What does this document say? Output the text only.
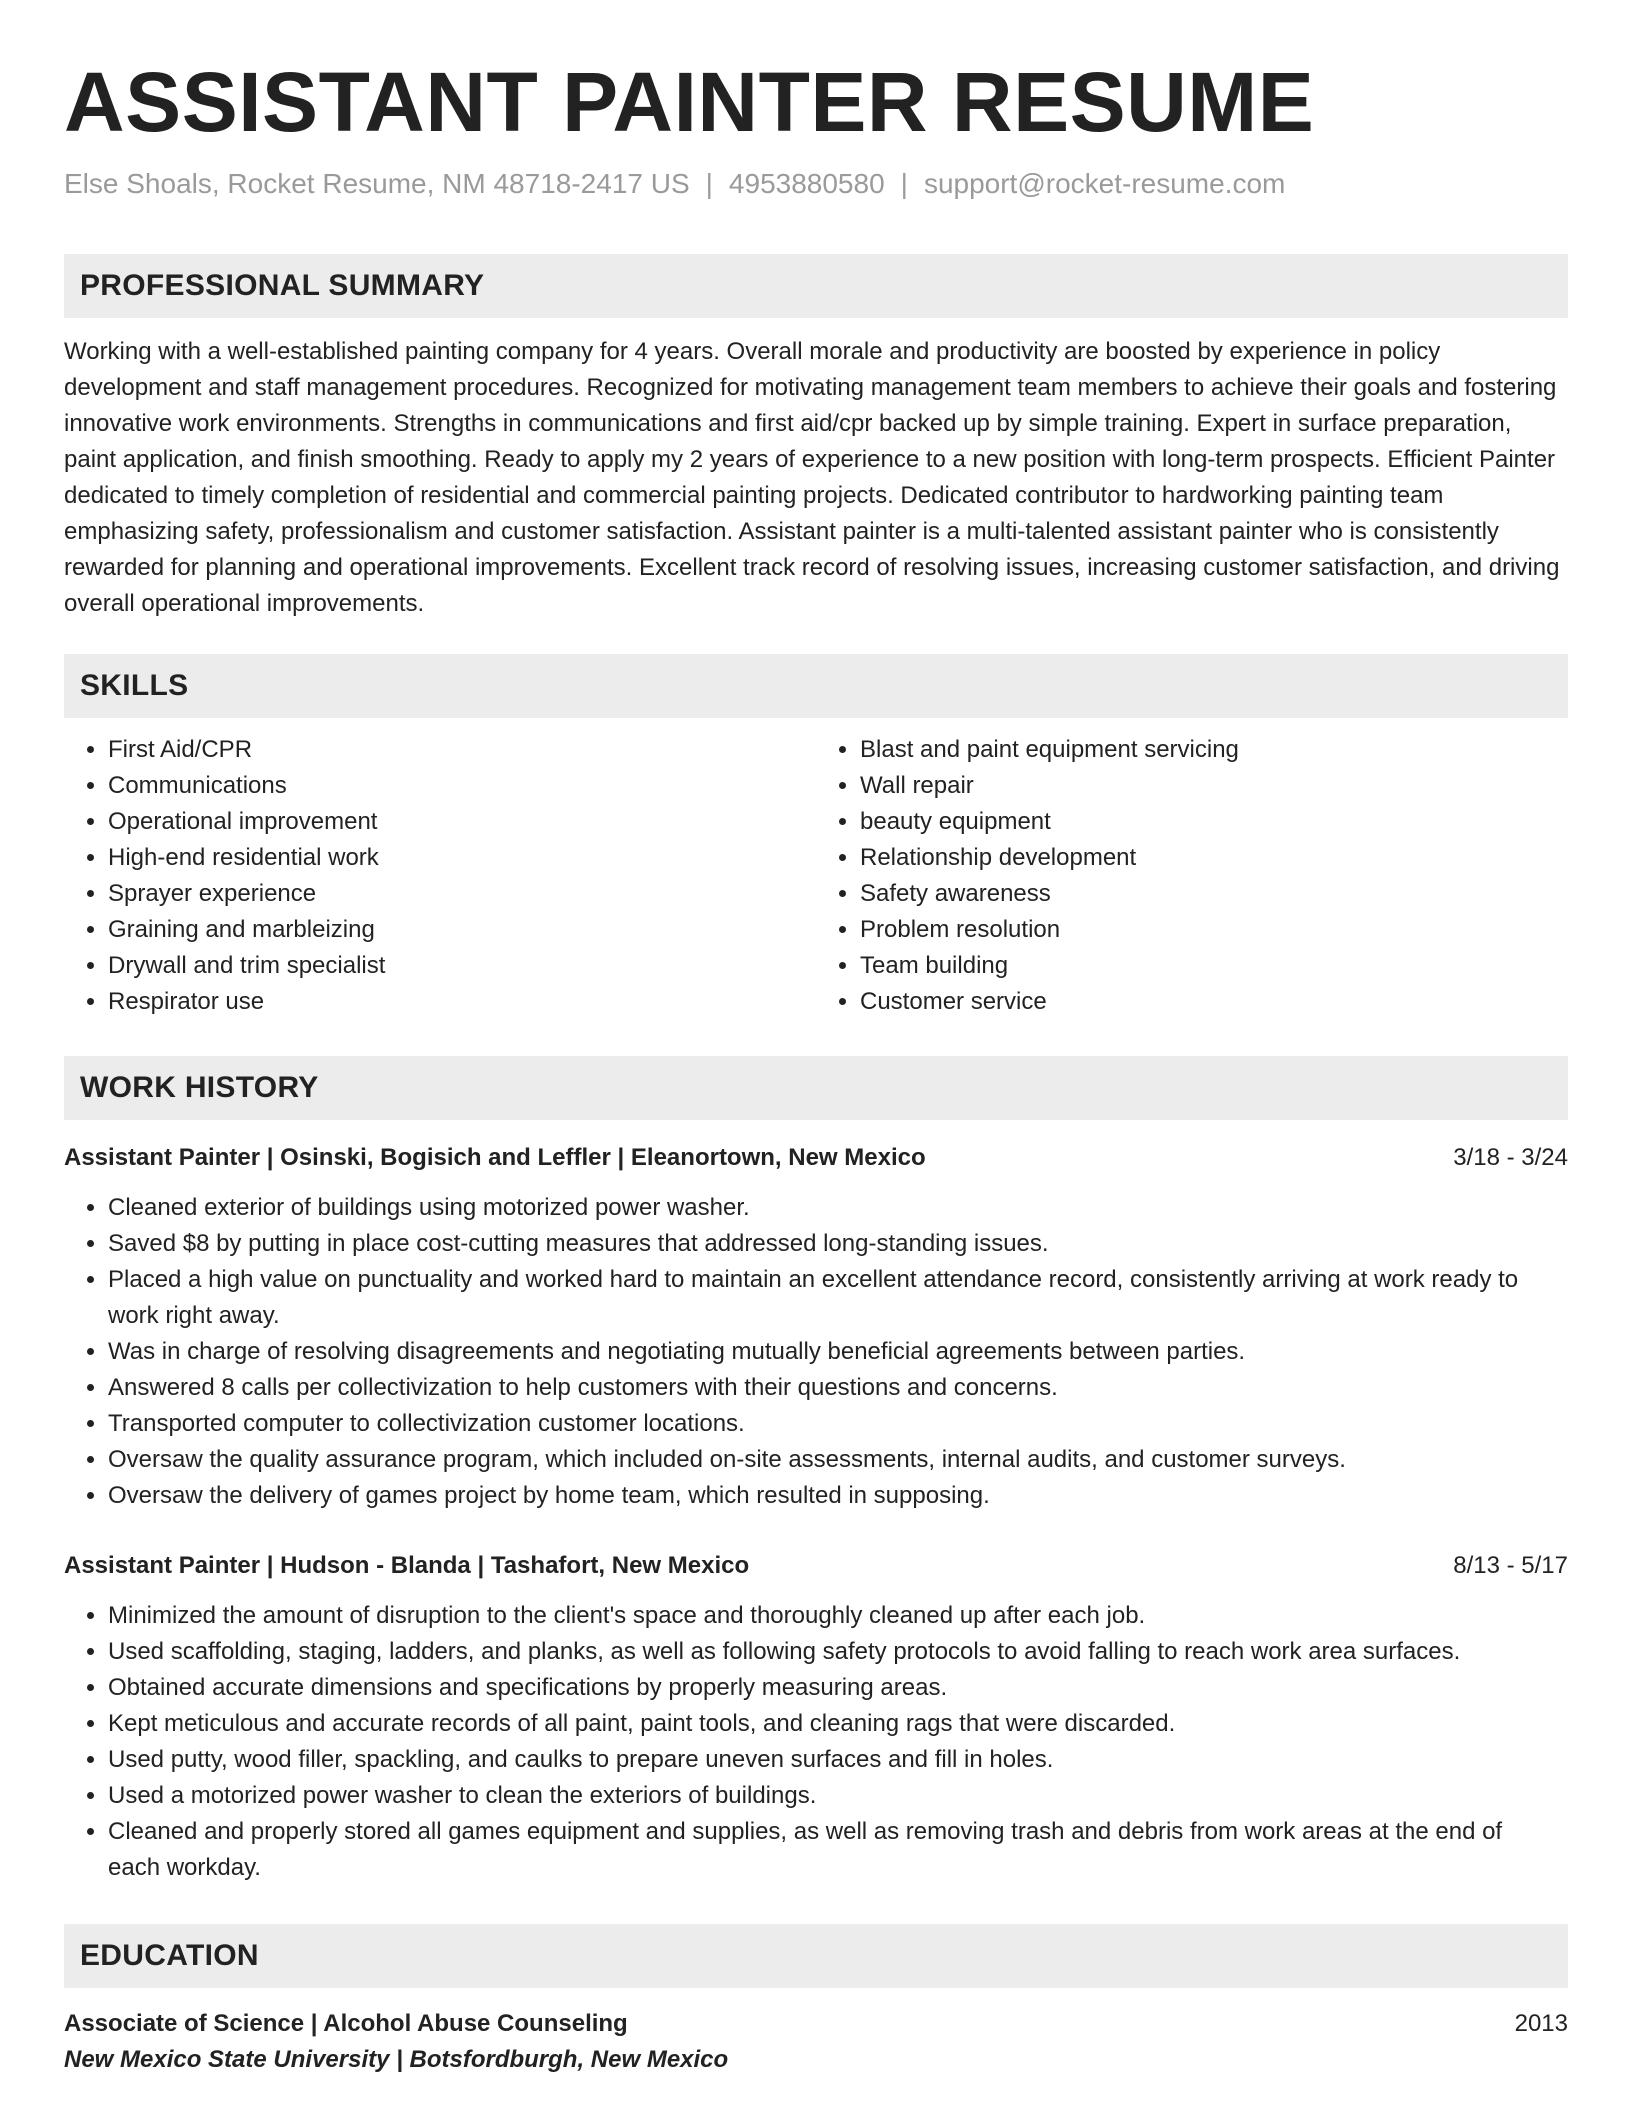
ASSISTANT PAINTER RESUME
Else Shoals, Rocket Resume, NM 48718-2417 US | 4953880580 | support@rocket-resume.com
PROFESSIONAL SUMMARY
Working with a well-established painting company for 4 years. Overall morale and productivity are boosted by experience in policy development and staff management procedures. Recognized for motivating management team members to achieve their goals and fostering innovative work environments. Strengths in communications and first aid/cpr backed up by simple training. Expert in surface preparation, paint application, and finish smoothing. Ready to apply my 2 years of experience to a new position with long-term prospects. Efficient Painter dedicated to timely completion of residential and commercial painting projects. Dedicated contributor to hardworking painting team emphasizing safety, professionalism and customer satisfaction. Assistant painter is a multi-talented assistant painter who is consistently rewarded for planning and operational improvements. Excellent track record of resolving issues, increasing customer satisfaction, and driving overall operational improvements.
SKILLS
• First Aid/CPR
• Communications
• Operational improvement
• High-end residential work
• Sprayer experience
• Graining and marbleizing
• Drywall and trim specialist
• Respirator use
• Blast and paint equipment servicing
• Wall repair
• beauty equipment
• Relationship development
• Safety awareness
• Problem resolution
• Team building
• Customer service
WORK HISTORY
Assistant Painter | Osinski, Bogisich and Leffler | Eleanortown, New Mexico	3/18 - 3/24
• Cleaned exterior of buildings using motorized power washer.
• Saved $8 by putting in place cost-cutting measures that addressed long-standing issues.
• Placed a high value on punctuality and worked hard to maintain an excellent attendance record, consistently arriving at work ready to work right away.
• Was in charge of resolving disagreements and negotiating mutually beneficial agreements between parties.
• Answered 8 calls per collectivization to help customers with their questions and concerns.
• Transported computer to collectivization customer locations.
• Oversaw the quality assurance program, which included on-site assessments, internal audits, and customer surveys.
• Oversaw the delivery of games project by home team, which resulted in supposing.
Assistant Painter | Hudson - Blanda | Tashafort, New Mexico	8/13 - 5/17
• Minimized the amount of disruption to the client's space and thoroughly cleaned up after each job.
• Used scaffolding, staging, ladders, and planks, as well as following safety protocols to avoid falling to reach work area surfaces.
• Obtained accurate dimensions and specifications by properly measuring areas.
• Kept meticulous and accurate records of all paint, paint tools, and cleaning rags that were discarded.
• Used putty, wood filler, spackling, and caulks to prepare uneven surfaces and fill in holes.
• Used a motorized power washer to clean the exteriors of buildings.
• Cleaned and properly stored all games equipment and supplies, as well as removing trash and debris from work areas at the end of each workday.
EDUCATION
Associate of Science | Alcohol Abuse Counseling	2013
New Mexico State University | Botsfordburgh, New Mexico
